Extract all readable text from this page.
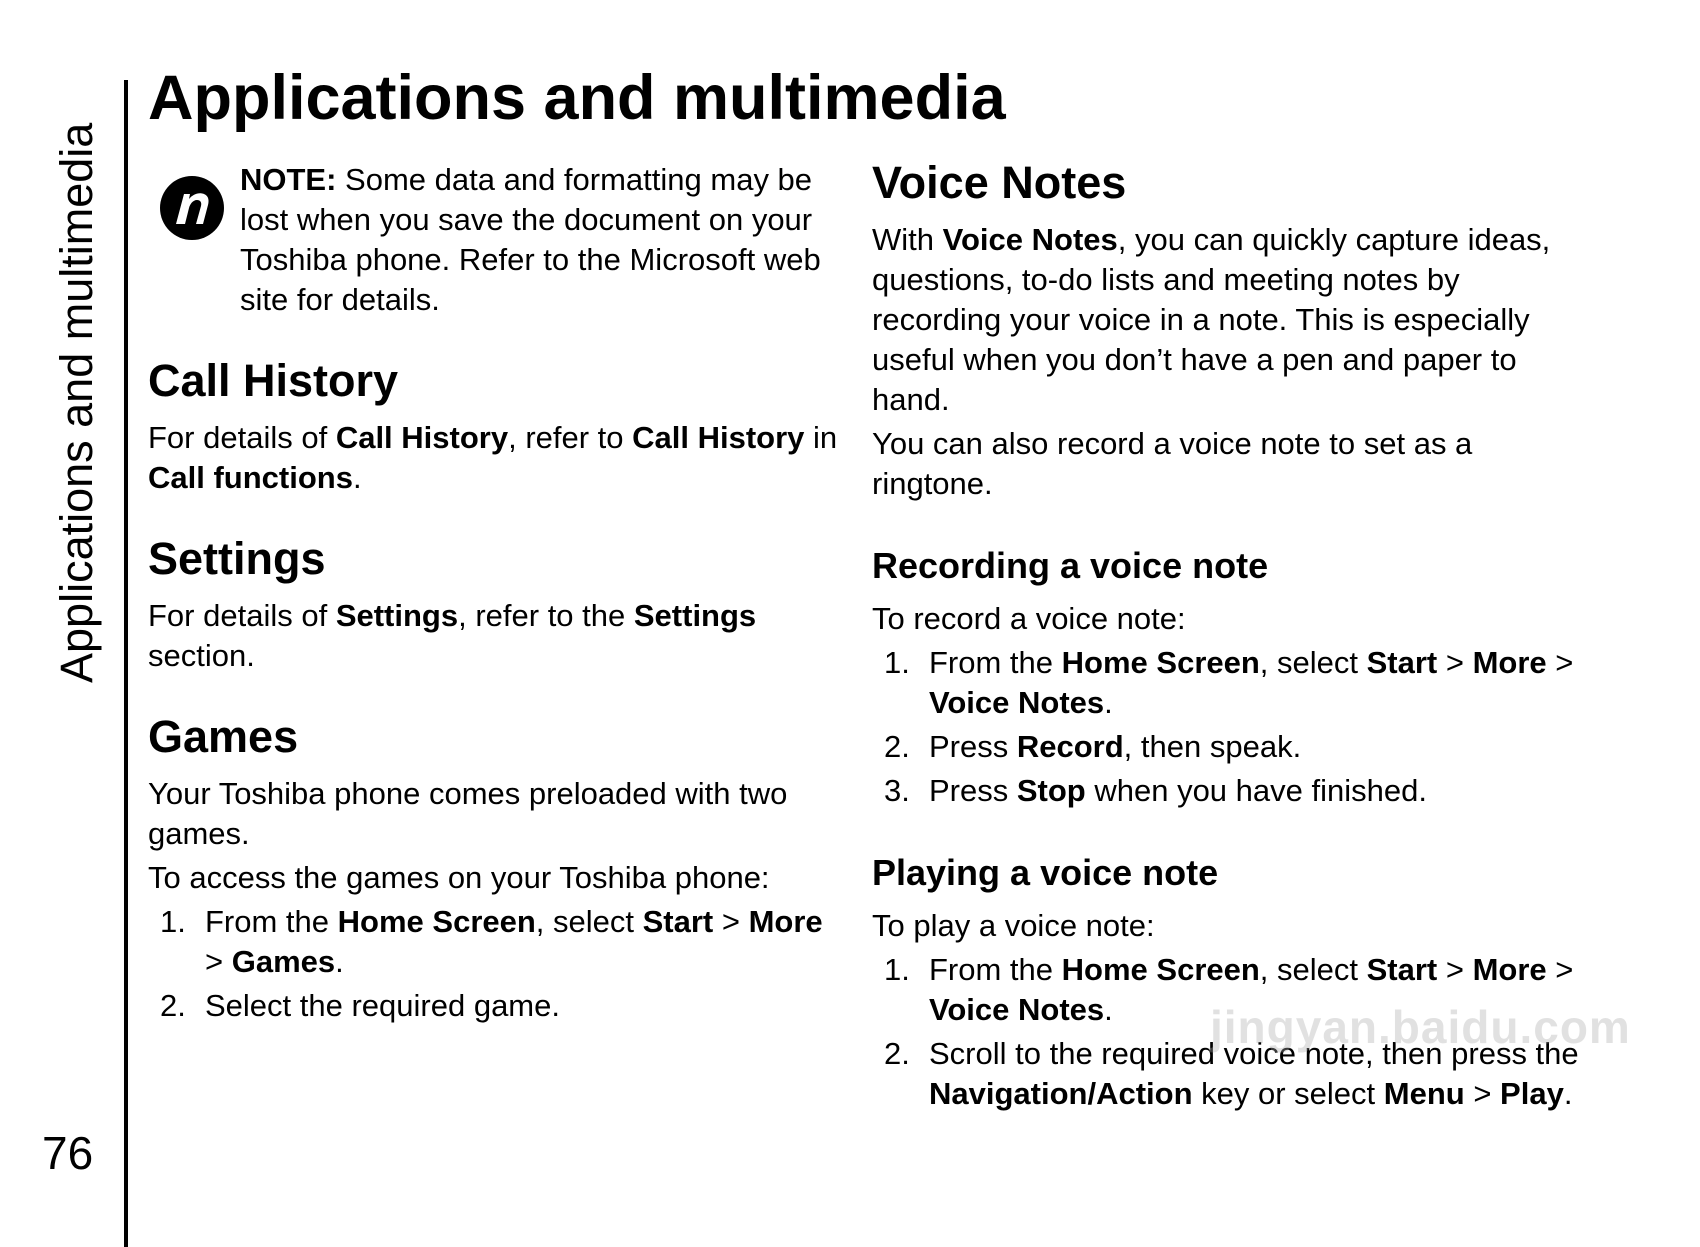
Applications and multimedia
76
Applications and multimedia

NOTE: Some data and formatting may be lost when you save the document on your Toshiba phone. Refer to the Microsoft web site for details.

Call History

For details of Call History, refer to Call History in Call functions.

Settings

For details of Settings, refer to the Settings section.

Games

Your Toshiba phone comes preloaded with two games.

To access the games on your Toshiba phone:

1. From the Home Screen, select Start > More > Games.
2. Select the required game.
Voice Notes

With Voice Notes, you can quickly capture ideas, questions, to-do lists and meeting notes by recording your voice in a note. This is especially useful when you don’t have a pen and paper to hand.

You can also record a voice note to set as a ringtone.

Recording a voice note

To record a voice note:

1. From the Home Screen, select Start > More > Voice Notes.
2. Press Record, then speak.
3. Press Stop when you have finished.
Playing a voice note

To play a voice note:

1. From the Home Screen, select Start > More > Voice Notes.
2. Scroll to the required voice note, then press the Navigation/Action key or select Menu > Play.
jingyan.baidu.com
